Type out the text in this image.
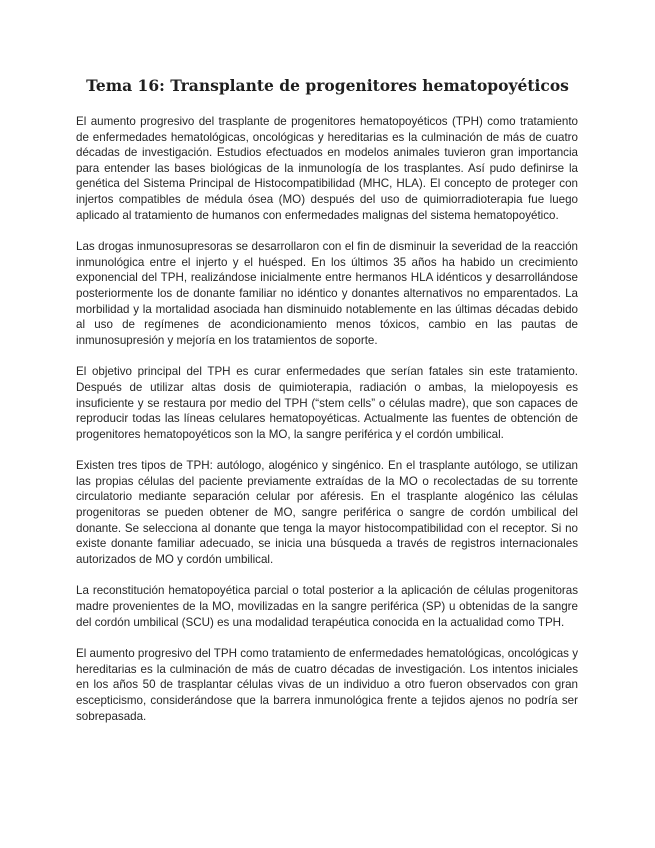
Tema 16: Transplante de progenitores hematopoyéticos

El aumento progresivo del trasplante de progenitores hematopoyéticos (TPH) como tratamiento de enfermedades hematológicas, oncológicas y hereditarias es la culminación de más de cuatro décadas de investigación. Estudios efectuados en modelos animales tuvieron gran importancia para entender las bases biológicas de la inmunología de los trasplantes. Así pudo definirse la genética del Sistema Principal de Histocompatibilidad (MHC, HLA). El concepto de proteger con injertos compatibles de médula ósea (MO) después del uso de quimiorradioterapia fue luego aplicado al tratamiento de humanos con enfermedades malignas del sistema hematopoyético.

Las drogas inmunosupresoras se desarrollaron con el fin de disminuir la severidad de la reacción inmunológica entre el injerto y el huésped. En los últimos 35 años ha habido un crecimiento exponencial del TPH, realizándose inicialmente entre hermanos HLA idénticos y desarrollándose posteriormente los de donante familiar no idéntico y donantes alternativos no emparentados. La morbilidad y la mortalidad asociada han disminuido notablemente en las últimas décadas debido al uso de regímenes de acondicionamiento menos tóxicos, cambio en las pautas de inmunosupresión y mejoría en los tratamientos de soporte.

El objetivo principal del TPH es curar enfermedades que serían fatales sin este tratamiento. Después de utilizar altas dosis de quimioterapia, radiación o ambas, la mielopoyesis es insuficiente y se restaura por medio del TPH (“stem cells” o células madre), que son capaces de reproducir todas las líneas celulares hematopoyéticas. Actualmente las fuentes de obtención de progenitores hematopoyéticos son la MO, la sangre periférica y el cordón umbilical.

Existen tres tipos de TPH: autólogo, alogénico y singénico. En el trasplante autólogo, se utilizan las propias células del paciente previamente extraídas de la MO o recolectadas de su torrente circulatorio mediante separación celular por aféresis. En el trasplante alogénico las células progenitoras se pueden obtener de MO, sangre periférica o sangre de cordón umbilical del donante. Se selecciona al donante que tenga la mayor histocompatibilidad con el receptor. Si no existe donante familiar adecuado, se inicia una búsqueda a través de registros internacionales autorizados de MO y cordón umbilical.

La reconstitución hematopoyética parcial o total posterior a la aplicación de células progenitoras madre provenientes de la MO, movilizadas en la sangre periférica (SP) u obtenidas de la sangre del cordón umbilical (SCU) es una modalidad terapéutica conocida en la actualidad como TPH.

El aumento progresivo del TPH como tratamiento de enfermedades hematológicas, oncológicas y hereditarias es la culminación de más de cuatro décadas de investigación. Los intentos iniciales en los años 50 de trasplantar células vivas de un individuo a otro fueron observados con gran escepticismo, considerándose que la barrera inmunológica frente a tejidos ajenos no podría ser sobrepasada.
